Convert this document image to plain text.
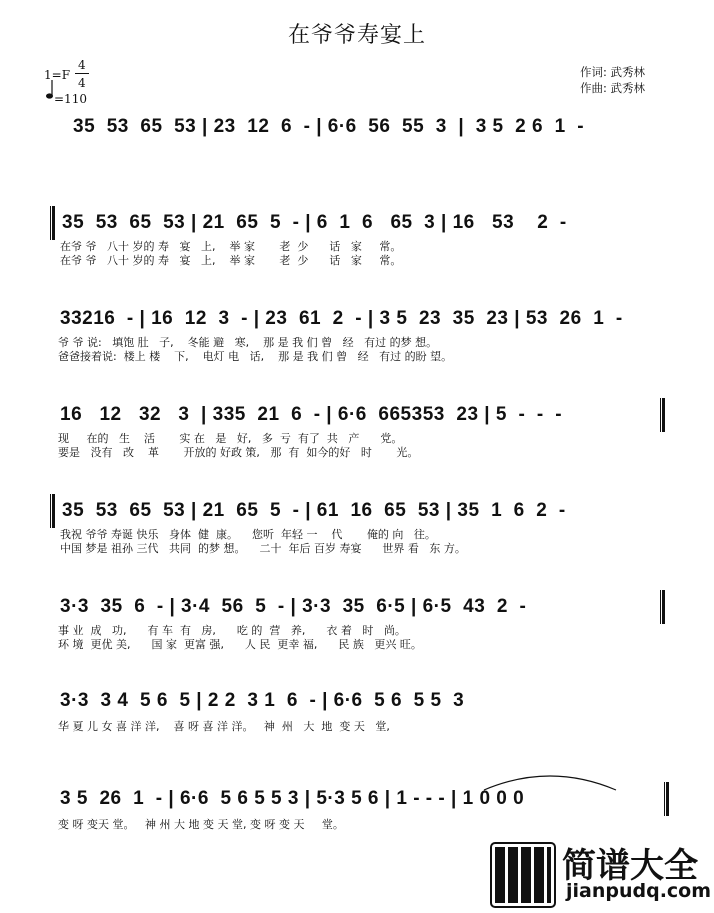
在爷爷寿宴上
1=F
4
4
=110
作词: 武秀林
作曲: 武秀林
35  53  65  53 | 23  12  6  - | 6·6  56  55  3  |  3 5  2 6  1  -
35  53  65  53 | 21  65  5  - | 6  1  6   65  3 | 16   53    2  -
在爷 爷   八十 岁的 寿   宴   上,    举 家       老  少      话   家     常。
在爷 爷   八十 岁的 寿   宴   上,    举 家       老  少      话   家     常。
33216  - | 16  12  3  - | 23  61  2  - | 3 5  23  35  23 | 53  26  1  -
爷 爷 说:   填饱 肚   子,    冬能 避   寒,    那 是 我 们 曾   经   有过 的梦 想。
爸爸接着说:  楼上 楼    下,    电灯 电   话,    那 是 我 们 曾   经   有过 的盼 望。
16   12   32   3  | 335  21  6  - | 6·6  665353  23 | 5  -  -  -
现     在的   生    活       实 在   是   好,   多  亏  有了  共   产      党。
要是   没有   改    革       开放的 好政 策,   那  有  如今的好   时       光。
35  53  65  53 | 21  65  5  - | 61  16  65  53 | 35  1  6  2  -
我祝 爷爷 寿诞 快乐   身体  健  康。    您听  年轻 一    代       俺的 向   往。
中国 梦是 祖孙 三代   共同  的梦 想。    二十  年后 百岁 寿宴      世界 看   东 方。
3·3  35  6  - | 3·4  56  5  - | 3·3  35  6·5 | 6·5  43  2  -
事 业  成   功,      有 车  有   房,      吃 的  营   养,      衣 着   时   尚。
环 境  更优 美,      国 家  更富 强,      人 民  更幸 福,      民 族   更兴 旺。
3·3  3 4  5 6  5 | 2 2  3 1  6  - | 6·6  5 6  5 5  3
华 夏 儿 女 喜 洋 洋,    喜 呀 喜 洋 洋。   神  州   大  地  变 天   堂,
3 5  26  1  - | 6·6  5 6 5 5 3 | 5·3 5 6 | 1 - - - | 1 0 0 0
变 呀 变天 堂。   神 州 大 地 变 天 堂, 变 呀 变 天     堂。
简谱大全
jianpudq.com
